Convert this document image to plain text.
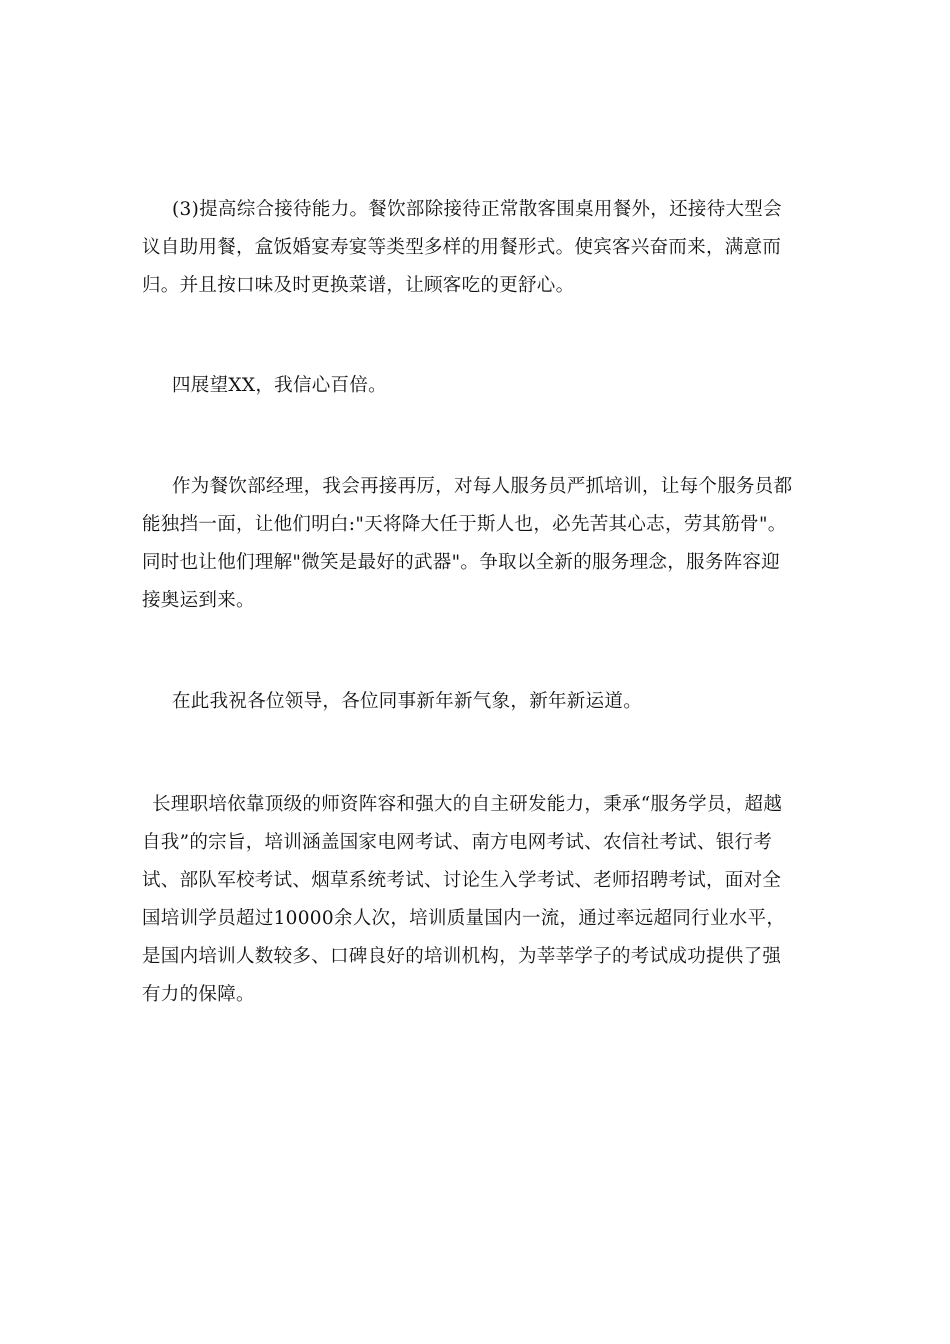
(3)提高综合接待能力。餐饮部除接待正常散客围桌用餐外，还接待大型会
议自助用餐，盒饭婚宴寿宴等类型多样的用餐形式。使宾客兴奋而来，满意而
归。并且按口味及时更换菜谱，让顾客吃的更舒心。

四展望XX，我信心百倍。

作为餐饮部经理，我会再接再厉，对每人服务员严抓培训，让每个服务员都
能独挡一面，让他们明白:"天将降大任于斯人也，必先苦其心志，劳其筋骨"。
同时也让他们理解"微笑是最好的武器"。争取以全新的服务理念，服务阵容迎
接奥运到来。

在此我祝各位领导，各位同事新年新气象，新年新运道。

长理职培依靠顶级的师资阵容和强大的自主研发能力，秉承“服务学员，超越
自我”的宗旨，培训涵盖国家电网考试、南方电网考试、农信社考试、银行考
试、部队军校考试、烟草系统考试、讨论生入学考试、老师招聘考试，面对全
国培训学员超过10000余人次，培训质量国内一流，通过率远超同行业水平，
是国内培训人数较多、口碑良好的培训机构，为莘莘学子的考试成功提供了强
有力的保障。
